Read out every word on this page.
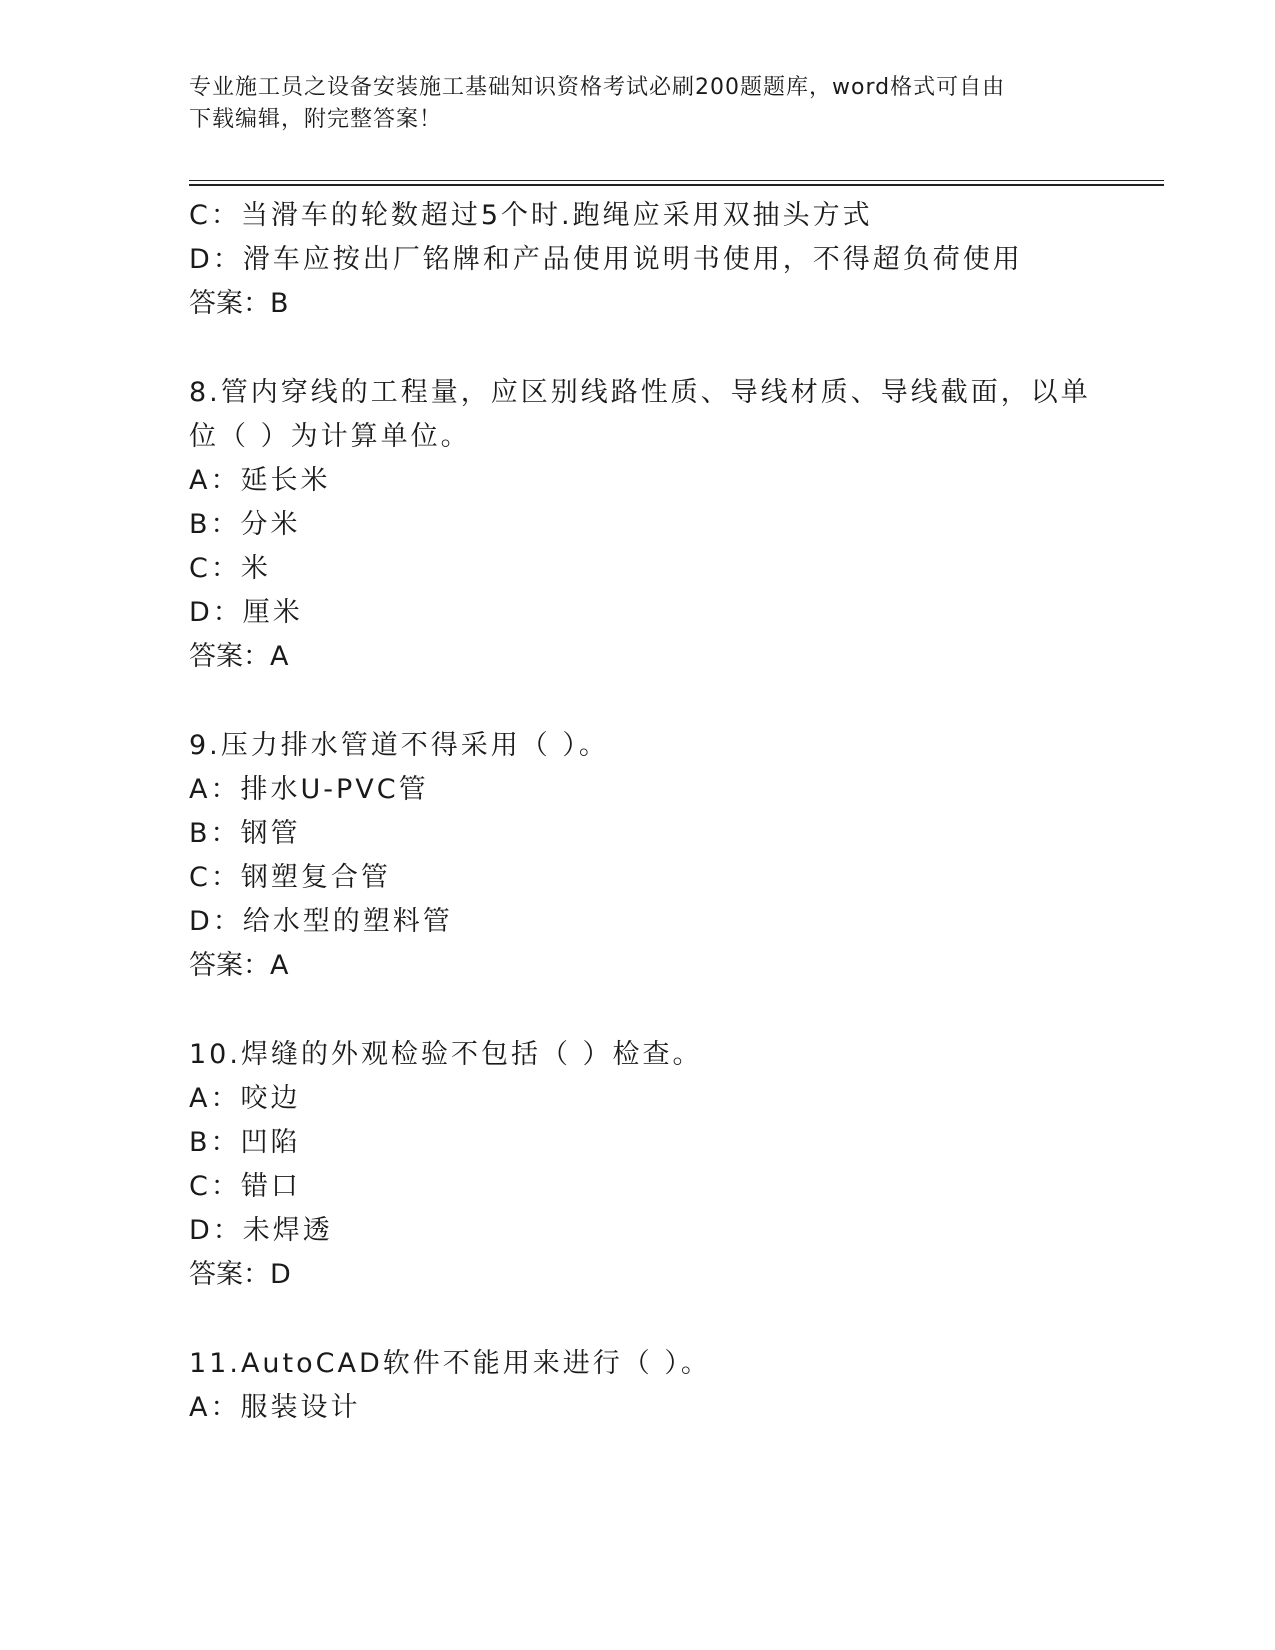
专业施工员之设备安装施工基础知识资格考试必刷200题题库，word格式可自由
下载编辑，附完整答案！
C：当滑车的轮数超过5个时.跑绳应采用双抽头方式
D：滑车应按出厂铭牌和产品使用说明书使用，不得超负荷使用
答案：B
8.管内穿线的工程量，应区别线路性质、导线材质、导线截面，以单
位（ ）为计算单位。
A：延长米
B：分米
C：米
D：厘米
答案：A
9.压力排水管道不得采用（ ）。
A：排水U-PVC管
B：钢管
C：钢塑复合管
D：给水型的塑料管
答案：A
10.焊缝的外观检验不包括（ ）检查。
A：咬边
B：凹陷
C：错口
D：未焊透
答案：D
11.AutoCAD软件不能用来进行（ ）。
A：服装设计
